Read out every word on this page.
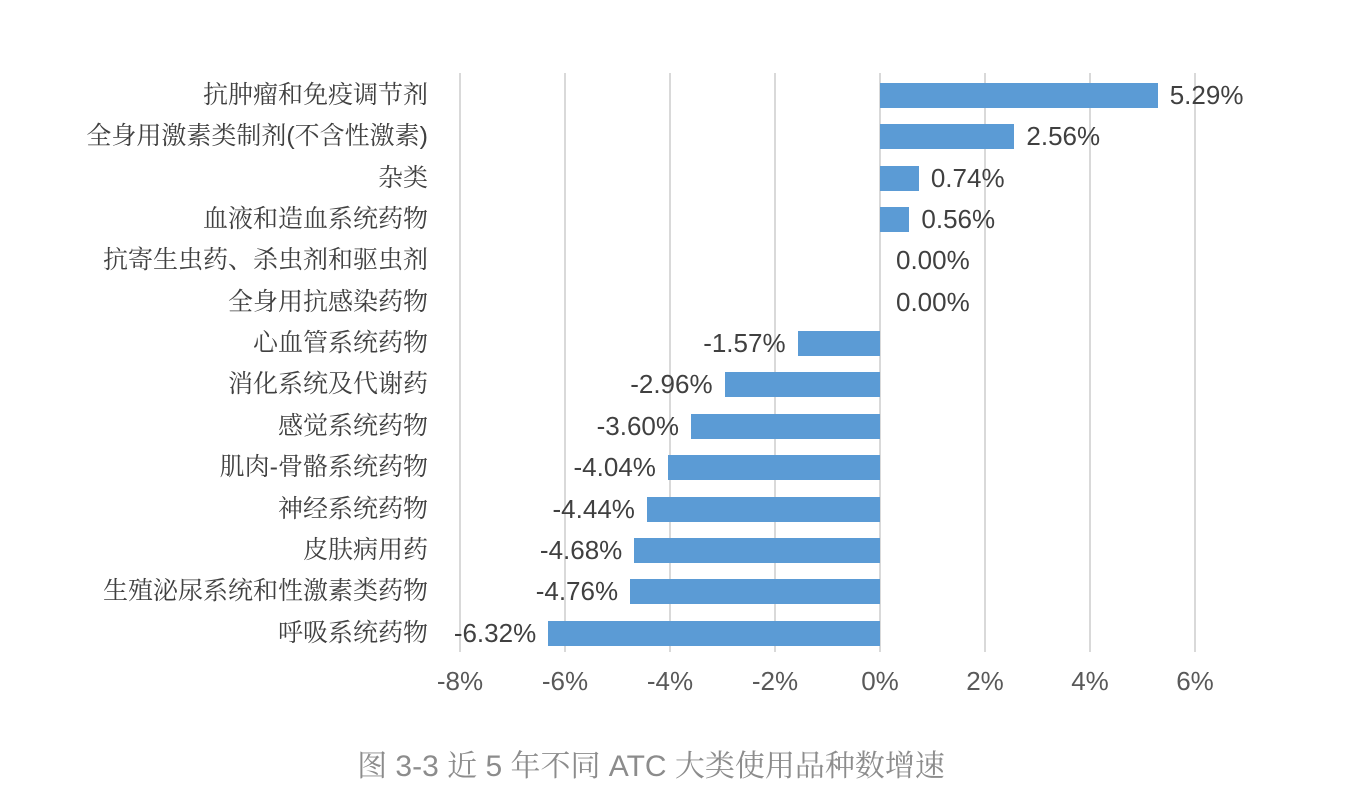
图 3-3 近 5 年不同 ATC 大类使用品种数增速
-8%	-6%	-4%	-2%	0%	2%	4%	6%
抗肿瘤和免疫调节剂	5.29%
全身用激素类制剂(不含性激素)	2.56%
杂类	0.74%
血液和造血系统药物	0.56%
抗寄生虫药、杀虫剂和驱虫剂	0.00%
全身用抗感染药物	0.00%
心血管系统药物	-1.57%
消化系统及代谢药	-2.96%
感觉系统药物	-3.60%
肌肉-骨骼系统药物	-4.04%
神经系统药物	-4.44%
皮肤病用药	-4.68%
生殖泌尿系统和性激素类药物	-4.76%
呼吸系统药物 -6.32%
